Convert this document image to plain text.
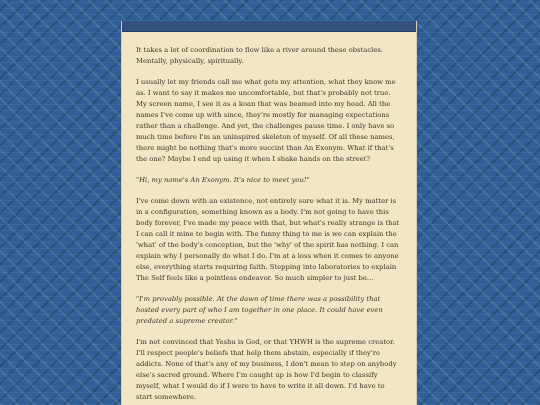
It takes a lot of coordination to flow like a river around these obstacles. Mentally, physically, spiritually.

I usually let my friends call me what gets my attention, what they know me as. I want to say it makes me uncomfortable, but that's probably not true. My screen name, I see it as a koan that was beamed into my head. All the names I've come up with since, they're mostly for managing expectations rather than a challenge. And yet, the challenges pause time. I only have so much time before I'm an uninspired skeleton of myself. Of all these names, there might be nothing that's more succint than An Exonym. What if that's the one? Maybe I end up using it when I shake hands on the street?

"Hi, my name's An Exonym. It's nice to meet you!"

I've come down with an existence, not entirely sure what it is. My matter is in a configuration, something known as a body. I'm not going to have this body forever, I've made my peace with that, but what's really strange is that I can call it mine to begin with. The funny thing to me is we can explain the 'what' of the body's conception, but the 'why' of the spirit has nothing. I can explain why I personally do what I do. I'm at a loss when it comes to anyone else, everything starts requiring faith. Stepping into laboratories to explain The Self feels like a pointless endeavor. So much simpler to just be...

"I'm provably possible. At the dawn of time there was a possibility that hosted every part of who I am together in one place. It could have even predated a supreme creator."

I'm not convinced that Yeshu is God, or that YHWH is the supreme creator. I'll respect people's beliefs that help them abstain, especially if they're addicts. None of that's any of my business, I don't mean to step on anybody else's sacred ground. Where I'm caught up is how I'd begin to classify myself, what I would do if I were to have to write it all down. I'd have to start somewhere.
